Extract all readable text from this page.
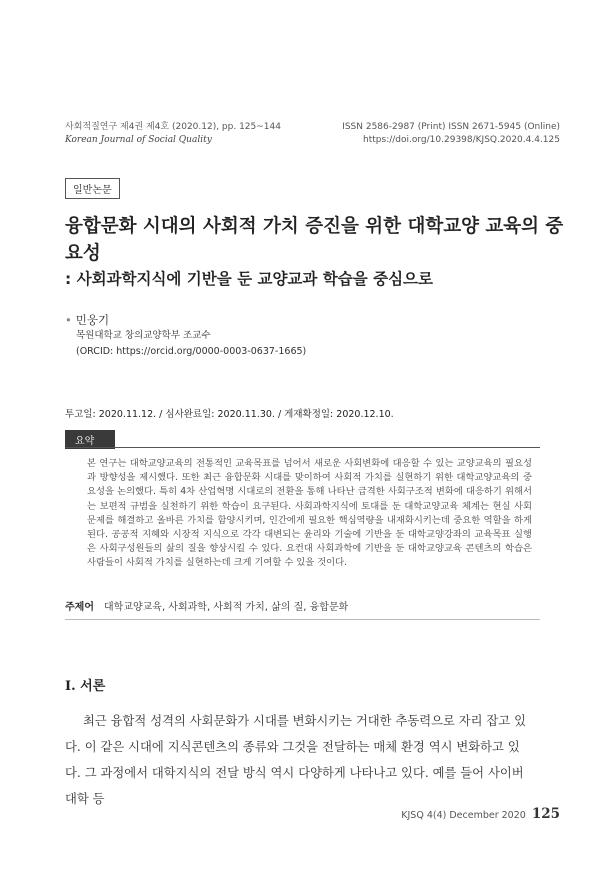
사회적질연구 제4권 제4호 (2020.12), pp. 125~144
Korean Journal of Social Quality
ISSN 2586-2987 (Print) ISSN 2671-5945 (Online)
https://doi.org/10.29398/KJSQ.2020.4.4.125
일반논문
융합문화 시대의 사회적 가치 증진을 위한 대학교양 교육의 중요성
: 사회과학지식에 기반을 둔 교양교과 학습을 중심으로
• 민웅기
목원대학교 창의교양학부 조교수
(ORCID: https://orcid.org/0000-0003-0637-1665)
투고일: 2020.11.12. / 심사완료일: 2020.11.30. / 게재확정일: 2020.12.10.
요약
본 연구는 대학교양교육의 전통적인 교육목표를 넘어서 새로운 사회변화에 대응할 수 있는 교양교육의 필요성과 방향성을 제시했다. 또한 최근 융합문화 시대를 맞이하여 사회적 가치를 실현하기 위한 대학교양교육의 중요성을 논의했다. 특히 4차 산업혁명 시대로의 전환을 통해 나타난 급격한 사회구조적 변화에 대응하기 위해서는 보편적 규범을 실천하기 위한 학습이 요구된다. 사회과학지식에 토대를 둔 대학교양교육 체계는 현실 사회문제를 해결하고 올바른 가치를 함양시키며, 인간에게 필요한 핵심역량을 내재화시키는데 중요한 역할을 하게 된다. 공공적 지혜와 시장적 지식으로 각각 대변되는 윤리와 기술에 기반을 둔 대학교양강좌의 교육목표 실행은 사회구성원들의 삶의 질을 향상시킬 수 있다. 요컨대 사회과학에 기반을 둔 대학교양교육 콘텐츠의 학습은 사람들이 사회적 가치를 실현하는데 크게 기여할 수 있을 것이다.
주제어 대학교양교육, 사회과학, 사회적 가치, 삶의 질, 융합문화
Ⅰ. 서론

최근 융합적 성격의 사회문화가 시대를 변화시키는 거대한 추동력으로 자리 잡고 있다. 이 같은 시대에 지식콘텐츠의 종류와 그것을 전달하는 매체 환경 역시 변화하고 있다. 그 과정에서 대학지식의 전달 방식 역시 다양하게 나타나고 있다. 예를 들어 사이버대학 등

KJSQ 4(4) December 2020 125
